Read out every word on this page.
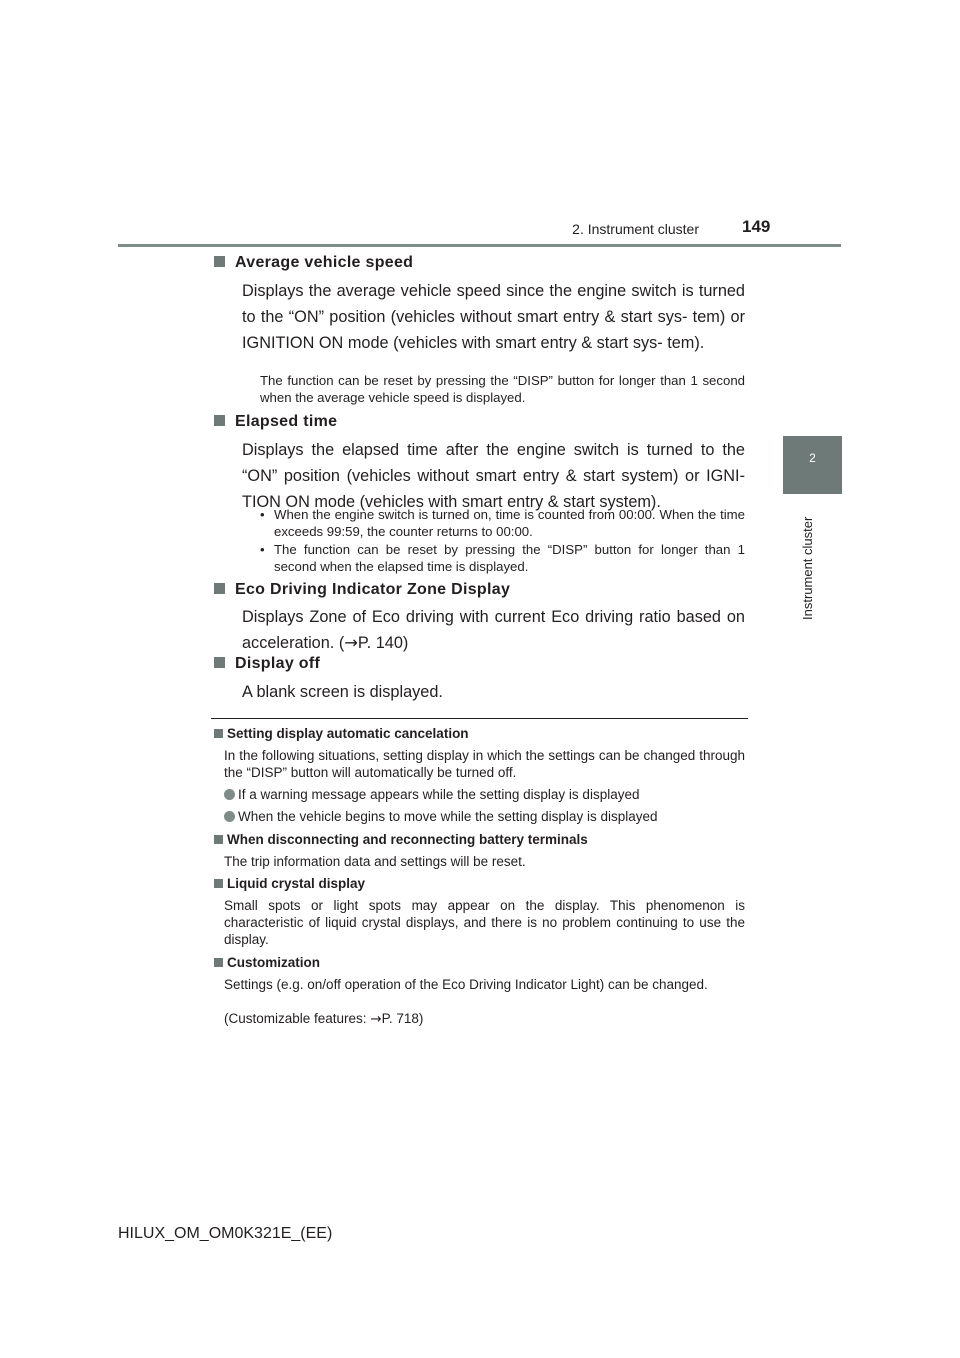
2. Instrument cluster	149
2
Instrument cluster
Average vehicle speed
Displays the average vehicle speed since the engine switch is turned to the “ON” position (vehicles without smart entry & start sys- tem) or IGNITION ON mode (vehicles with smart entry & start sys- tem).
The function can be reset by pressing the “DISP” button for longer than 1 second when the average vehicle speed is displayed.
Elapsed time
Displays the elapsed time after the engine switch is turned to the “ON” position (vehicles without smart entry & start system) or IGNI- TION ON mode (vehicles with smart entry & start system).
• When the engine switch is turned on, time is counted from 00:00. When the time exceeds 99:59, the counter returns to 00:00.
• The function can be reset by pressing the “DISP” button for longer than 1 second when the elapsed time is displayed.
Eco Driving Indicator Zone Display
Displays Zone of Eco driving with current Eco driving ratio based on acceleration. (→P. 140)
Display off
A blank screen is displayed.
Setting display automatic cancelation
In the following situations, setting display in which the settings can be changed through the “DISP” button will automatically be turned off.
If a warning message appears while the setting display is displayed
When the vehicle begins to move while the setting display is displayed
When disconnecting and reconnecting battery terminals
The trip information data and settings will be reset.
Liquid crystal display
Small spots or light spots may appear on the display. This phenomenon is characteristic of liquid crystal displays, and there is no problem continuing to use the display.
Customization
Settings (e.g. on/off operation of the Eco Driving Indicator Light) can be changed.
(Customizable features: →P. 718)
HILUX_OM_OM0K321E_(EE)
